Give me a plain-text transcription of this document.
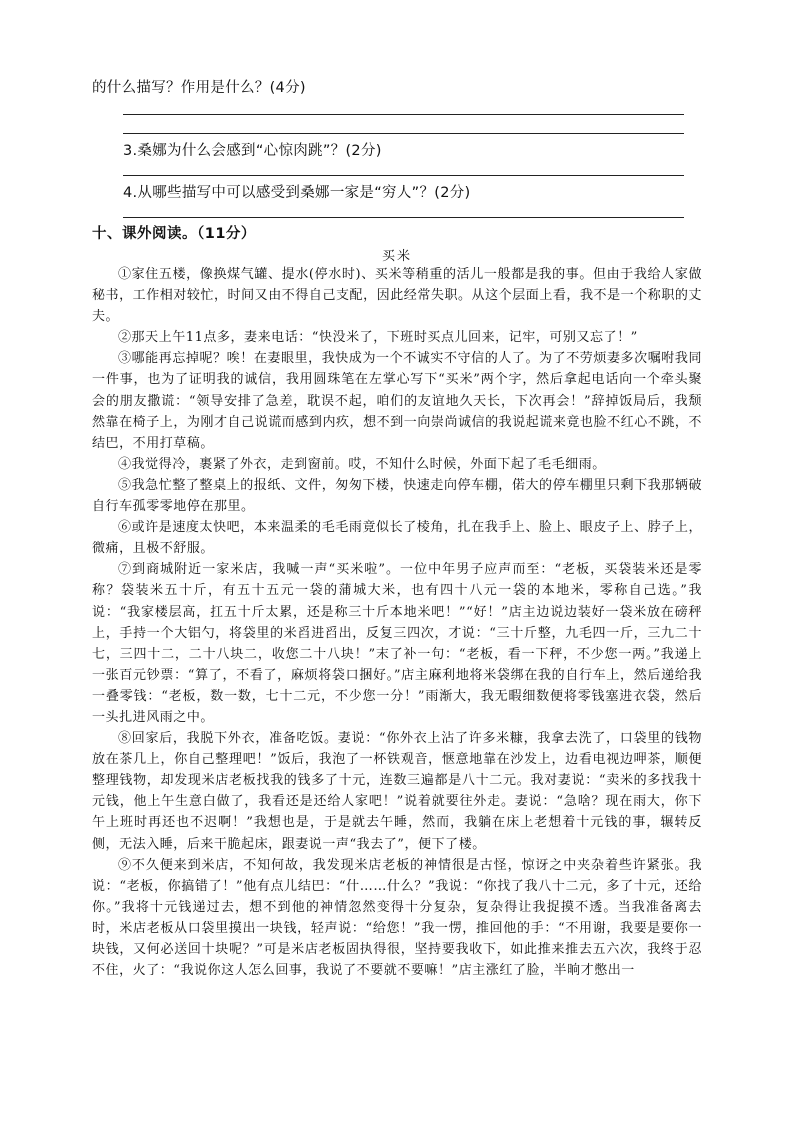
的什么描写？作用是什么？(4分)
3.桑娜为什么会感到“心惊肉跳”？(2分)
4.从哪些描写中可以感受到桑娜一家是“穷人”？(2分)
十、课外阅读。（11分）
买米

①家住五楼，像换煤气罐、提水(停水时)、买米等稍重的活儿一般都是我的事。但由于我给人家做秘书，工作相对较忙，时间又由不得自己支配，因此经常失职。从这个层面上看，我不是一个称职的丈夫。

②那天上午11点多，妻来电话：“快没米了，下班时买点儿回来，记牢，可别又忘了！”

③哪能再忘掉呢？唉！在妻眼里，我快成为一个不诚实不守信的人了。为了不劳烦妻多次嘱咐我同一件事，也为了证明我的诚信，我用圆珠笔在左掌心写下“买米”两个字，然后拿起电话向一个牵头聚会的朋友撒谎：“领导安排了急差，耽误不起，咱们的友谊地久天长，下次再会！”辞掉饭局后，我颓然靠在椅子上，为刚才自己说谎而感到内疚，想不到一向崇尚诚信的我说起谎来竟也脸不红心不跳，不结巴，不用打草稿。

④我觉得冷，裹紧了外衣，走到窗前。哎，不知什么时候，外面下起了毛毛细雨。

⑤我急忙整了整桌上的报纸、文件，匆匆下楼，快速走向停车棚，偌大的停车棚里只剩下我那辆破自行车孤零零地停在那里。

⑥或许是速度太快吧，本来温柔的毛毛雨竟似长了棱角，扎在我手上、脸上、眼皮子上、脖子上，微痛，且极不舒服。

⑦到商城附近一家米店，我喊一声“买米啦”。一位中年男子应声而至：“老板，买袋装米还是零称？袋装米五十斤，有五十五元一袋的蒲城大米，也有四十八元一袋的本地米，零称自己选。”我说：“我家楼层高，扛五十斤太累，还是称三十斤本地米吧！”“好！”店主边说边装好一袋米放在磅秤上，手持一个大铝勺，将袋里的米舀进舀出，反复三四次，才说：“三十斤整，九毛四一斤，三九二十七，三四十二，二十八块二，收您二十八块！”末了补一句：“老板，看一下秤，不少您一两。”我递上一张百元钞票：“算了，不看了，麻烦将袋口捆好。”店主麻利地将米袋绑在我的自行车上，然后递给我一叠零钱：“老板，数一数，七十二元，不少您一分！”雨渐大，我无暇细数便将零钱塞进衣袋，然后一头扎进风雨之中。

⑧回家后，我脱下外衣，准备吃饭。妻说：“你外衣上沾了许多米糠，我拿去洗了，口袋里的钱物放在茶几上，你自己整理吧！”饭后，我泡了一杯铁观音，惬意地靠在沙发上，边看电视边呷茶，顺便整理钱物，却发现米店老板找我的钱多了十元，连数三遍都是八十二元。我对妻说：“卖米的多找我十元钱，他上午生意白做了，我看还是还给人家吧！”说着就要往外走。妻说：“急啥？现在雨大，你下午上班时再还也不迟啊！”我想也是，于是就去午睡，然而，我躺在床上老想着十元钱的事，辗转反侧，无法入睡，后来干脆起床，跟妻说一声“我去了”，便下了楼。

⑨不久便来到米店，不知何故，我发现米店老板的神情很是古怪，惊讶之中夹杂着些许紧张。我说：“老板，你搞错了！”他有点儿结巴：“什……什么？”我说：“你找了我八十二元，多了十元，还给你。”我将十元钱递过去，想不到他的神情忽然变得十分复杂，复杂得让我捉摸不透。当我准备离去时，米店老板从口袋里摸出一块钱，轻声说：“给您！”我一愣，推回他的手：“不用谢，我要是要你一块钱，又何必送回十块呢？”可是米店老板固执得很，坚持要我收下，如此推来推去五六次，我终于忍不住，火了：“我说你这人怎么回事，我说了不要就不要嘛！”店主涨红了脸，半晌才憋出一
